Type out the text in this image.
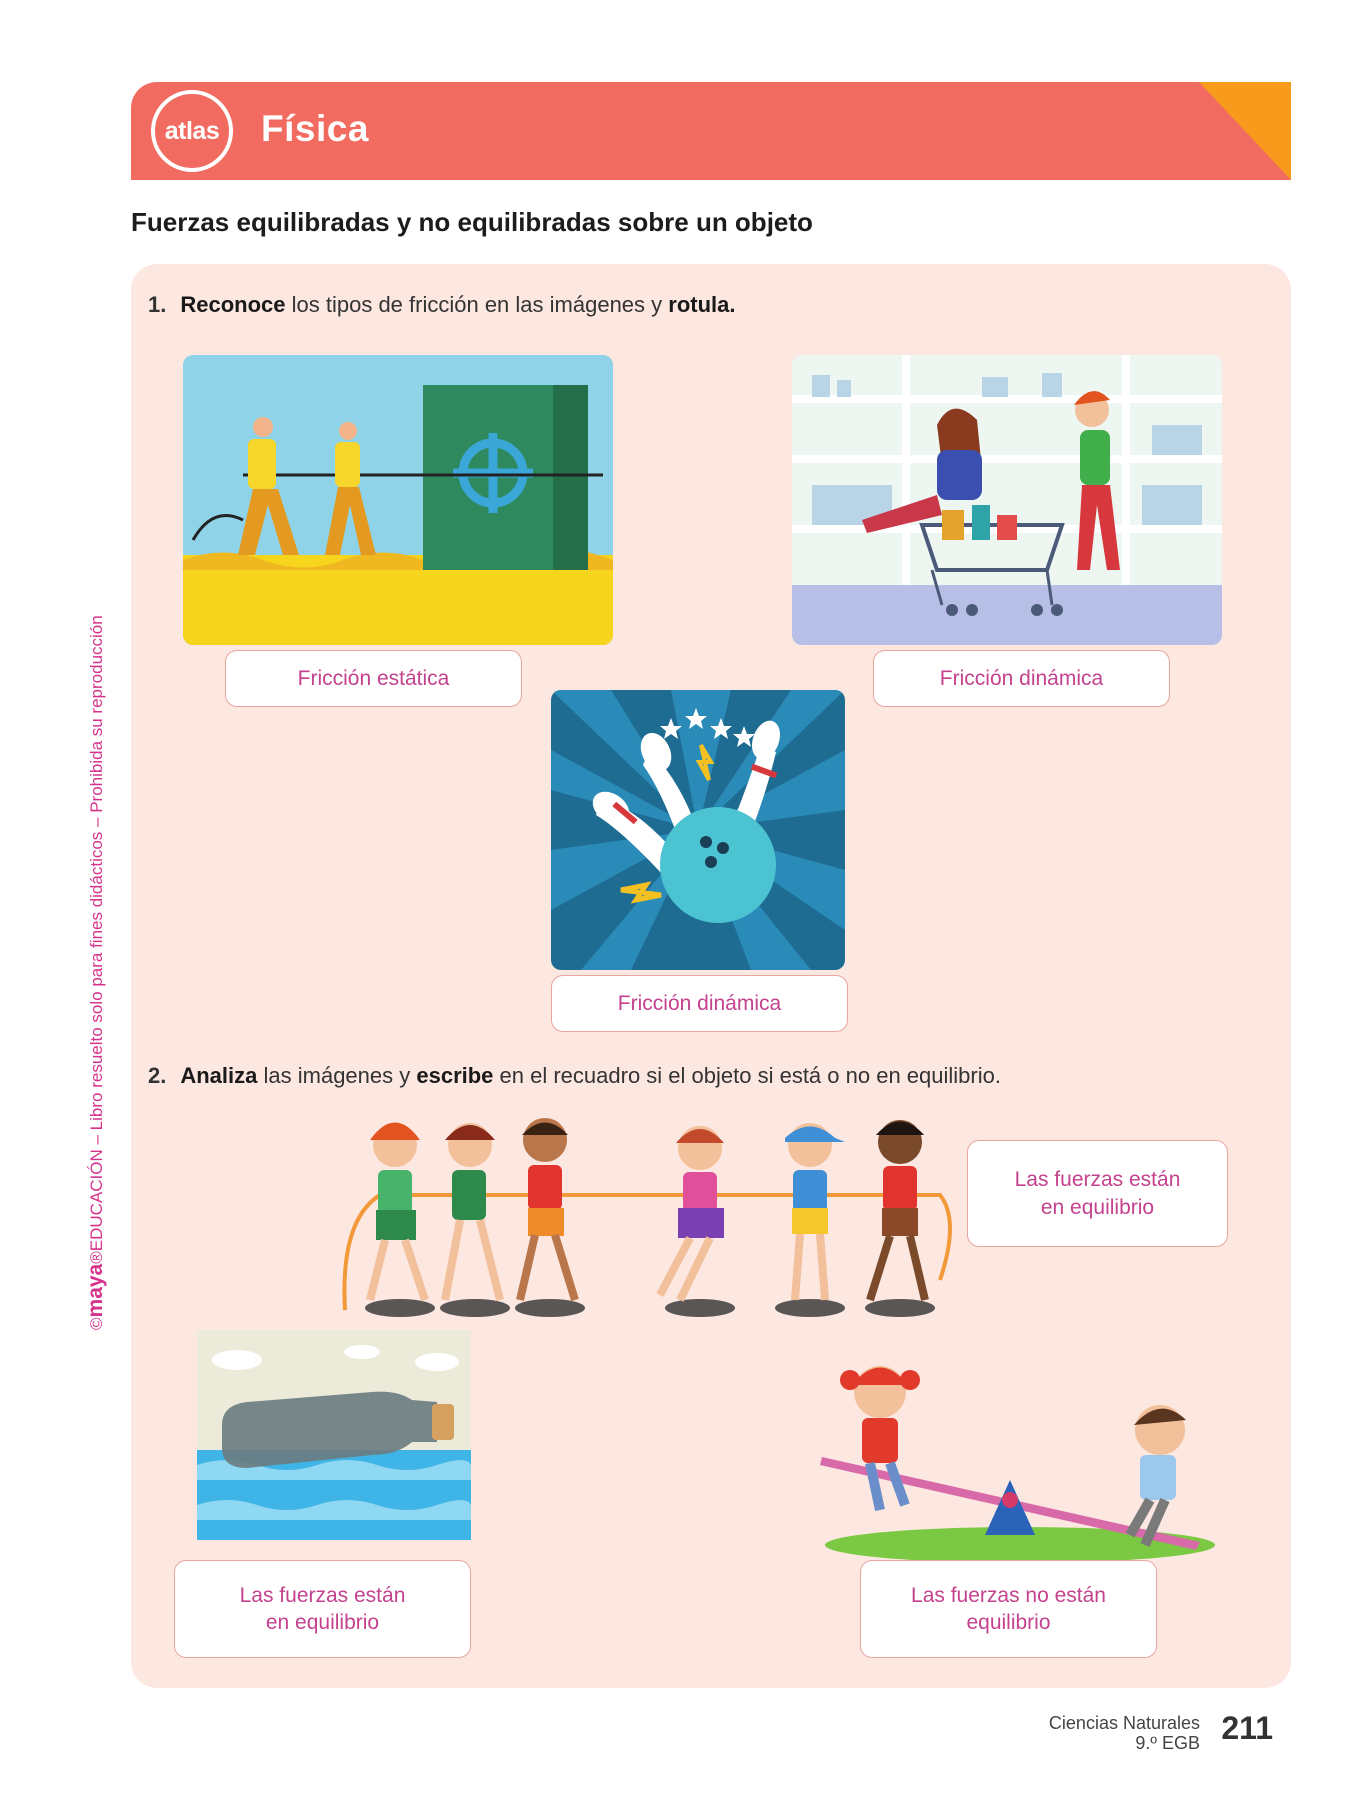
atlas	Física
Fuerzas equilibradas y no equilibradas sobre un objeto
©maya®EDUCACIÓN – Libro resuelto solo para fines didácticos – Prohibida su reproducción
1. Reconoce los tipos de fricción en las imágenes y rotula.
Fricción estática	Fricción dinámica
Fricción dinámica
2. Analiza las imágenes y escribe en el recuadro si el objeto si está o no en equilibrio.
Las fuerzas están
en equilibrio
Las fuerzas están
en equilibrio
Las fuerzas no están equilibrio
Ciencias Naturales
9.º EGB 211
